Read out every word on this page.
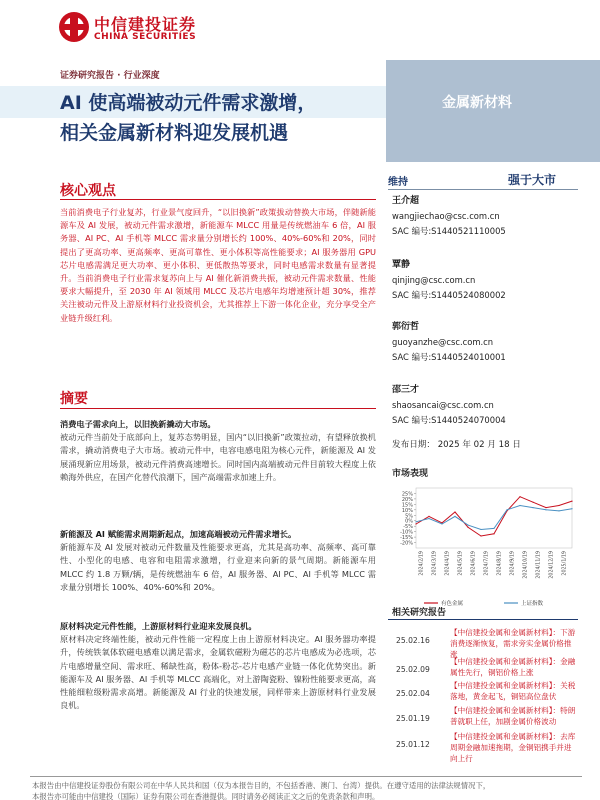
中信建投证券
CHINA SECURITIES
金属新材料
证券研究报告 · 行业深度
AI 使高端被动元件需求激增，
相关金属新材料迎发展机遇
核心观点
当前消费电子行业复苏，行业景气度回升，“以旧换新”政策拔动替换大市场，伴随新能源车及 AI 发展，被动元件需求激增，新能源车 MLCC 用量是传统燃油车 6 倍，AI 服务器、AI PC、AI 手机等 MLCC 需求量分别增长约 100%、40%-60%和 20%，同时提出了更高功率、更高频率、更高可靠性、更小体积等高性能要求；AI 服务器用 GPU 芯片电感需满足更大功率、更小体积、更低散热等要求，同时电感需求数量有显著提升。当前消费电子行业需求复苏向上与 AI 催化新消费共振，被动元件需求数量、性能要求大幅提升，至 2030 年 AI 领域用 MLCC 及芯片电感年均增速预计超 30%，推荐关注被动元件及上游原材料行业投资机会，尤其推荐上下游一体化企业，充分享受全产业链升级红利。
摘要
消费电子需求向上，以旧换新撬动大市场。
被动元件当前处于底部向上，复苏态势明显，国内“以旧换新”政策拉动，有望释放换机需求，撬动消费电子大市场。被动元件中，电容电感电阻为核心元件，新能源及 AI 发展涌现新应用场景，被动元件消费高速增长。同时国内高端被动元件目前较大程度上依赖海外供应，在国产化替代浪潮下，国产高端需求加速上升。
新能源及 AI 赋能需求周期新起点，加速高端被动元件需求增长。
新能源车及 AI 发展对被动元件数量及性能要求更高，尤其是高功率、高频率、高可靠性、小型化的电感、电容和电阻需求激增，行业迎来向新的景气周期。新能源车用 MLCC 约 1.8 万颗/辆，是传统燃油车 6 倍，AI 服务器、AI PC、AI 手机等 MLCC 需求量分别增长 100%、40%-60%和 20%。
原材料决定元件性能，上游原材料行业迎来发展良机。
原材料决定终端性能，被动元件性能一定程度上由上游原材料决定。AI 服务器功率提升，传统铁氧体软磁电感难以满足需求，金属软磁粉为磁芯的芯片电感成为必选项，芯片电感增量空间、需求旺、稀缺性高，粉体-粉芯-芯片电感产业链一体化优势突出。新能源车及 AI 服务器、AI 手机等 MLCC 高端化，对上游陶瓷粉、镍粉性能要求更高，高性能细粒级粉需求高增。新能源及 AI 行业的快速发展，同样带来上游原材料行业发展良机。
维持	强于大市
王介超
wangjiechao@csc.com.cn
SAC 编号:S1440521110005
覃静
qinjing@csc.com.cn
SAC 编号:S1440524080002
郭衍哲
guoyanzhe@csc.com.cn
SAC 编号:S1440524010001
邵三才
shaosancai@csc.com.cn
SAC 编号:S1440524070004
发布日期： 2025 年 02 月 18 日
市场表现
25%
20%
15%
10%
5%
0%
-5%
-10%
-15%
-20%
2024/2/19 2024/3/19 2024/4/19 2024/5/19 2024/6/19 2024/7/19 2024/8/19 2024/9/19 2024/10/19 2024/11/19 2024/12/19 2025/1/19
有色金属	上证指数
相关研究报告
25.02.16
【中信建投金属和金属新材料】：下游消费逐渐恢复，需求旁实金属价格推涨
25.02.09
【中信建投金属和金属新材料】：金融属性先行，铜铝价格上涨
25.02.04
【中信建投金属和金属新材料】：关税落地，黄金起飞，铜铝高位盘伏
25.01.19
【中信建投金属和金属新材料】：特朗普就职上任，加剧金属价格波动
25.01.12
【中信建投金属和金属新材料】：去库周期金融加速拖期，金铜铝携手并进向上行
本报告由中信建投证券股份有限公司在中华人民共和国（仅为本报告目的，不包括香港、澳门、台湾）提供。在遵守适用的法律法规情况下，
本报告亦可能由中信建投（国际）证券有限公司在香港提供。同时请务必阅读正文之后的免责条款和声明。
